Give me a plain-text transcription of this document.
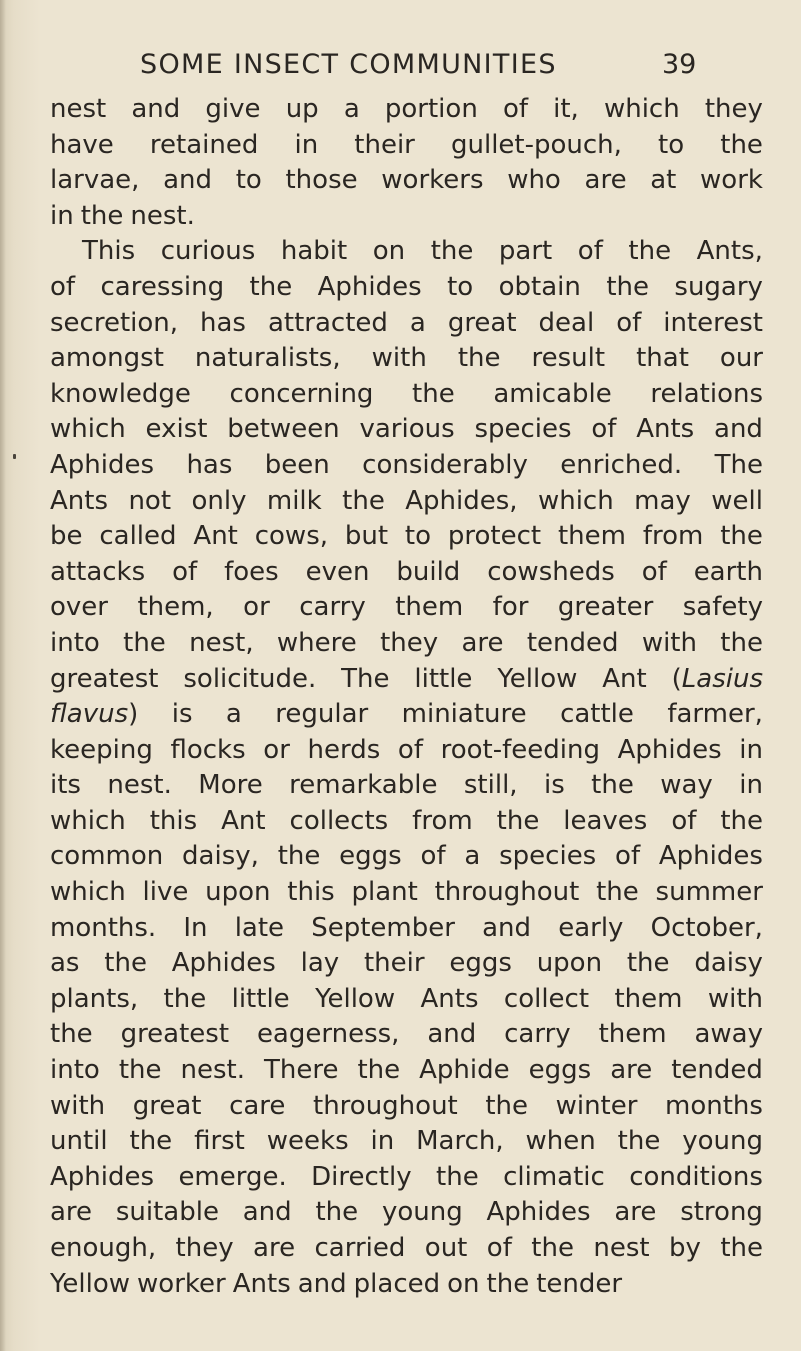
SOME INSECT COMMUNITIES	39
nest and give up a portion of it, which they
have retained in their gullet-pouch, to the
larvae, and to those workers who are at work
in the nest.
This curious habit on the part of the Ants,
of caressing the Aphides to obtain the sugary
secretion, has attracted a great deal of interest
amongst naturalists, with the result that our
knowledge concerning the amicable relations
which exist between various species of Ants and
Aphides has been considerably enriched. The
Ants not only milk the Aphides, which may well
be called Ant cows, but to protect them from the
attacks of foes even build cowsheds of earth
over them, or carry them for greater safety
into the nest, where they are tended with the
greatest solicitude. The little Yellow Ant (Lasius
flavus) is a regular miniature cattle farmer,
keeping flocks or herds of root-feeding Aphides in
its nest. More remarkable still, is the way in
which this Ant collects from the leaves of the
common daisy, the eggs of a species of Aphides
which live upon this plant throughout the summer
months. In late September and early October,
as the Aphides lay their eggs upon the daisy
plants, the little Yellow Ants collect them with
the greatest eagerness, and carry them away
into the nest. There the Aphide eggs are tended
with great care throughout the winter months
until the first weeks in March, when the young
Aphides emerge. Directly the climatic conditions
are suitable and the young Aphides are strong
enough, they are carried out of the nest by the
Yellow worker Ants and placed on the tender
